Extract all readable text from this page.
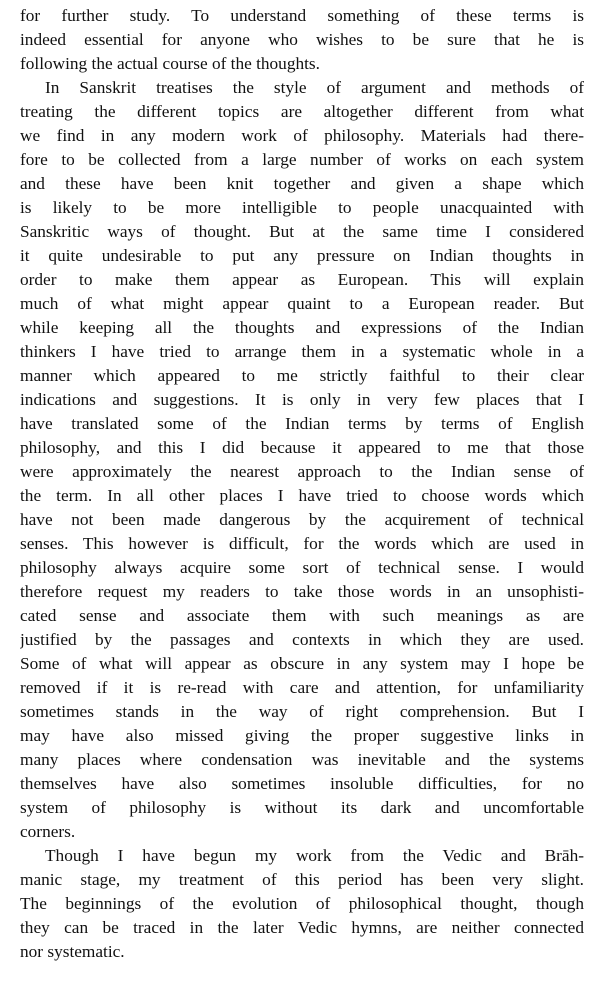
for further study. To understand something of these terms is
indeed essential for anyone who wishes to be sure that he is
following the actual course of the thoughts.
In Sanskrit treatises the style of argument and methods of
treating the different topics are altogether different from what
we find in any modern work of philosophy. Materials had there-
fore to be collected from a large number of works on each system
and these have been knit together and given a shape which
is likely to be more intelligible to people unacquainted with
Sanskritic ways of thought. But at the same time I considered
it quite undesirable to put any pressure on Indian thoughts in
order to make them appear as European. This will explain
much of what might appear quaint to a European reader. But
while keeping all the thoughts and expressions of the Indian
thinkers I have tried to arrange them in a systematic whole in a
manner which appeared to me strictly faithful to their clear
indications and suggestions. It is only in very few places that I
have translated some of the Indian terms by terms of English
philosophy, and this I did because it appeared to me that those
were approximately the nearest approach to the Indian sense of
the term. In all other places I have tried to choose words which
have not been made dangerous by the acquirement of technical
senses. This however is difficult, for the words which are used in
philosophy always acquire some sort of technical sense. I would
therefore request my readers to take those words in an unsophisti-
cated sense and associate them with such meanings as are
justified by the passages and contexts in which they are used.
Some of what will appear as obscure in any system may I hope be
removed if it is re-read with care and attention, for unfamiliarity
sometimes stands in the way of right comprehension. But I
may have also missed giving the proper suggestive links in
many places where condensation was inevitable and the systems
themselves have also sometimes insoluble difficulties, for no
system of philosophy is without its dark and uncomfortable
corners.
Though I have begun my work from the Vedic and Brāh-
manic stage, my treatment of this period has been very slight.
The beginnings of the evolution of philosophical thought, though
they can be traced in the later Vedic hymns, are neither connected
nor systematic.
